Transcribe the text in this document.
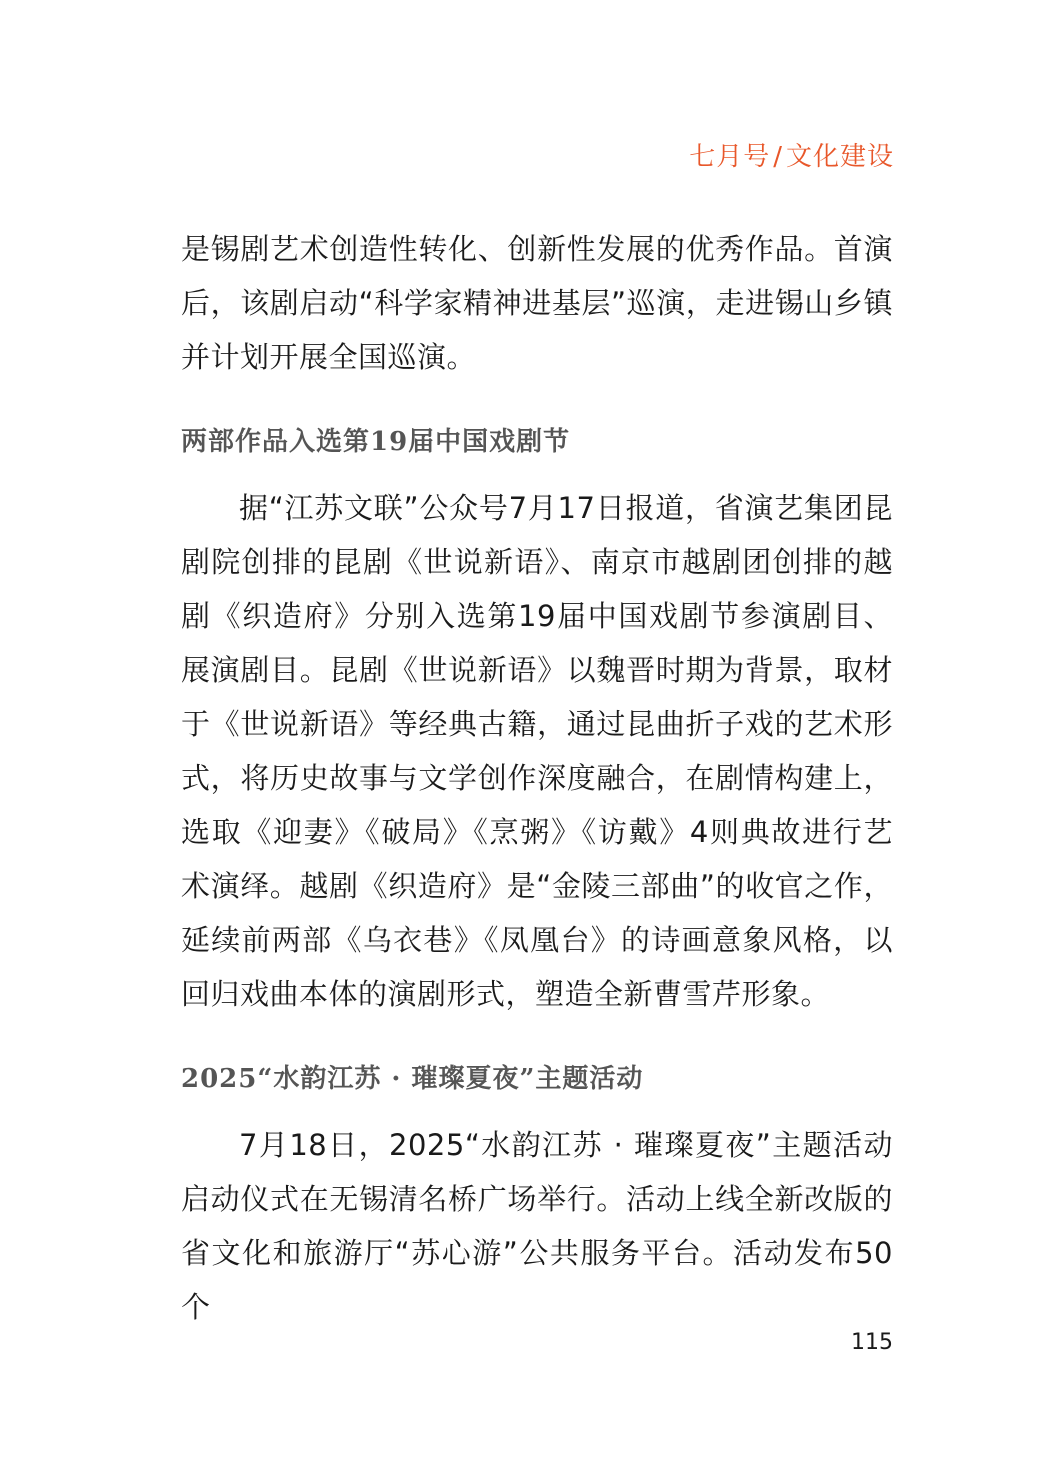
七月号 / 文化建设

是锡剧艺术创造性转化、创新性发展的优秀作品。首演后，该剧启动“科学家精神进基层”巡演，走进锡山乡镇并计划开展全国巡演。

两部作品入选第19届中国戏剧节

据“江苏文联”公众号7月17日报道，省演艺集团昆剧院创排的昆剧《世说新语》、南京市越剧团创排的越剧《织造府》分别入选第19届中国戏剧节参演剧目、展演剧目。昆剧《世说新语》以魏晋时期为背景，取材于《世说新语》等经典古籍，通过昆曲折子戏的艺术形式，将历史故事与文学创作深度融合，在剧情构建上，选取《迎妻》《破局》《烹粥》《访戴》4则典故进行艺术演绎。越剧《织造府》是“金陵三部曲”的收官之作，延续前两部《乌衣巷》《凤凰台》的诗画意象风格，以回归戏曲本体的演剧形式，塑造全新曹雪芹形象。

2025“水韵江苏 · 璀璨夏夜”主题活动

7月18日，2025“水韵江苏 · 璀璨夏夜”主题活动启动仪式在无锡清名桥广场举行。活动上线全新改版的省文化和旅游厅“苏心游”公共服务平台。活动发布50个

115
